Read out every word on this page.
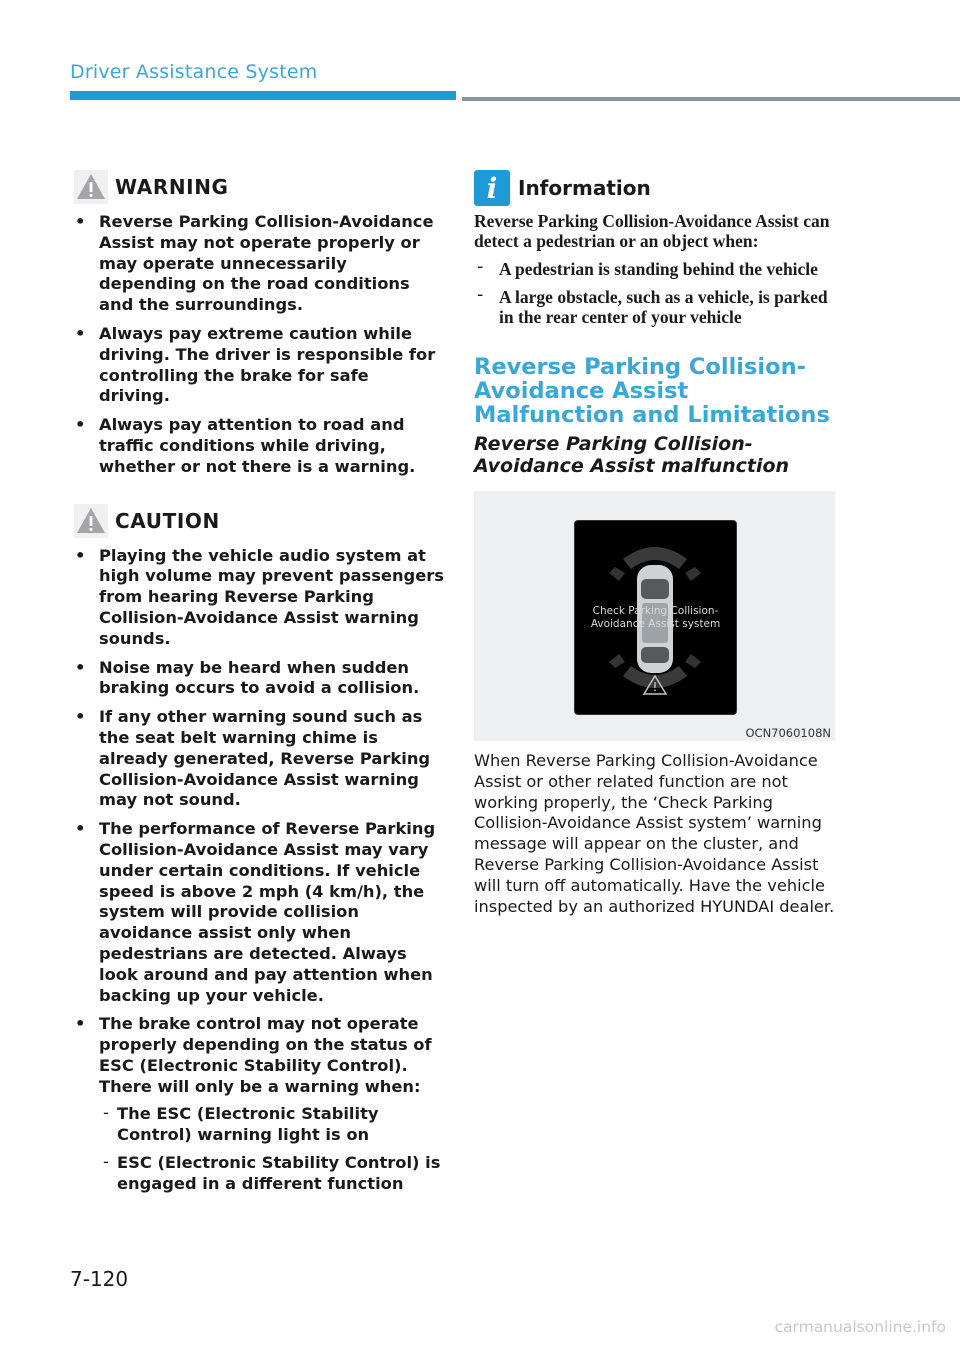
Driver Assistance System
WARNING
• Reverse Parking Collision-Avoidance Assist may not operate properly or may operate unnecessarily depending on the road conditions and the surroundings.
• Always pay extreme caution while driving. The driver is responsible for controlling the brake for safe driving.
• Always pay attention to road and traffic conditions while driving, whether or not there is a warning.
CAUTION
• Playing the vehicle audio system at high volume may prevent passengers from hearing Reverse Parking Collision-Avoidance Assist warning sounds.
• Noise may be heard when sudden braking occurs to avoid a collision.
• If any other warning sound such as the seat belt warning chime is already generated, Reverse Parking Collision-Avoidance Assist warning may not sound.
• The performance of Reverse Parking Collision-Avoidance Assist may vary under certain conditions. If vehicle speed is above 2 mph (4 km/h), the system will provide collision avoidance assist only when pedestrians are detected. Always look around and pay attention when backing up your vehicle.
• The brake control may not operate properly depending on the status of ESC (Electronic Stability Control). There will only be a warning when:
- The ESC (Electronic Stability Control) warning light is on
- ESC (Electronic Stability Control) is engaged in a different function
i	Information

Reverse Parking Collision-Avoidance Assist can detect a pedestrian or an object when:

- A pedestrian is standing behind the vehicle
- A large obstacle, such as a vehicle, is parked in the rear center of your vehicle
Reverse Parking Collision-Avoidance Assist Malfunction and Limitations
Reverse Parking Collision-Avoidance Assist malfunction
Check Parking Collision-
Avoidance Assist system
OCN7060108N
When Reverse Parking Collision-Avoidance Assist or other related function are not working properly, the ‘Check Parking Collision-Avoidance Assist system’ warning message will appear on the cluster, and Reverse Parking Collision-Avoidance Assist will turn off automatically. Have the vehicle inspected by an authorized HYUNDAI dealer.
7-120
carmanualsonline.info
